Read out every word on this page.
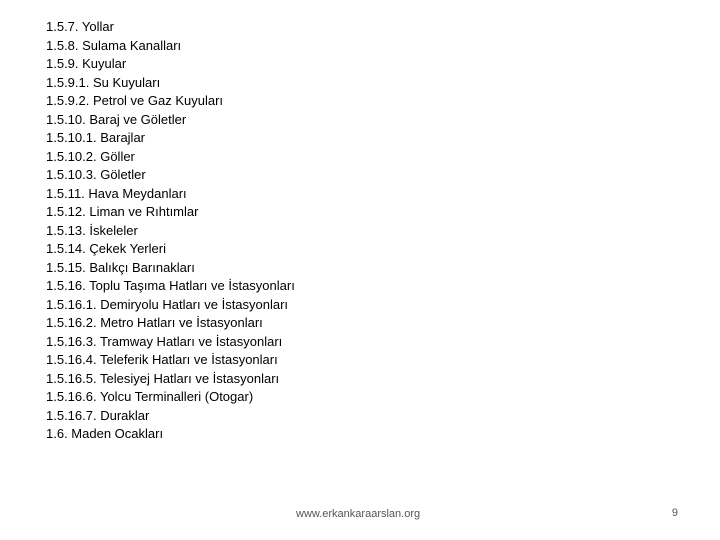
1.5.7. Yollar
1.5.8. Sulama Kanalları
1.5.9. Kuyular
1.5.9.1. Su Kuyuları
1.5.9.2. Petrol ve Gaz Kuyuları
1.5.10. Baraj ve Göletler
1.5.10.1. Barajlar
1.5.10.2. Göller
1.5.10.3. Göletler
1.5.11. Hava Meydanları
1.5.12. Liman ve Rıhtımlar
1.5.13. İskeleler
1.5.14. Çekek Yerleri
1.5.15. Balıkçı Barınakları
1.5.16. Toplu Taşıma Hatları ve İstasyonları
1.5.16.1. Demiryolu Hatları ve İstasyonları
1.5.16.2. Metro Hatları ve İstasyonları
1.5.16.3. Tramway Hatları ve İstasyonları
1.5.16.4. Teleferik Hatları ve İstasyonları
1.5.16.5. Telesiyej Hatları ve İstasyonları
1.5.16.6. Yolcu Terminalleri (Otogar)
1.5.16.7. Duraklar
1.6. Maden Ocakları
www.erkankaraarslan.org	9
